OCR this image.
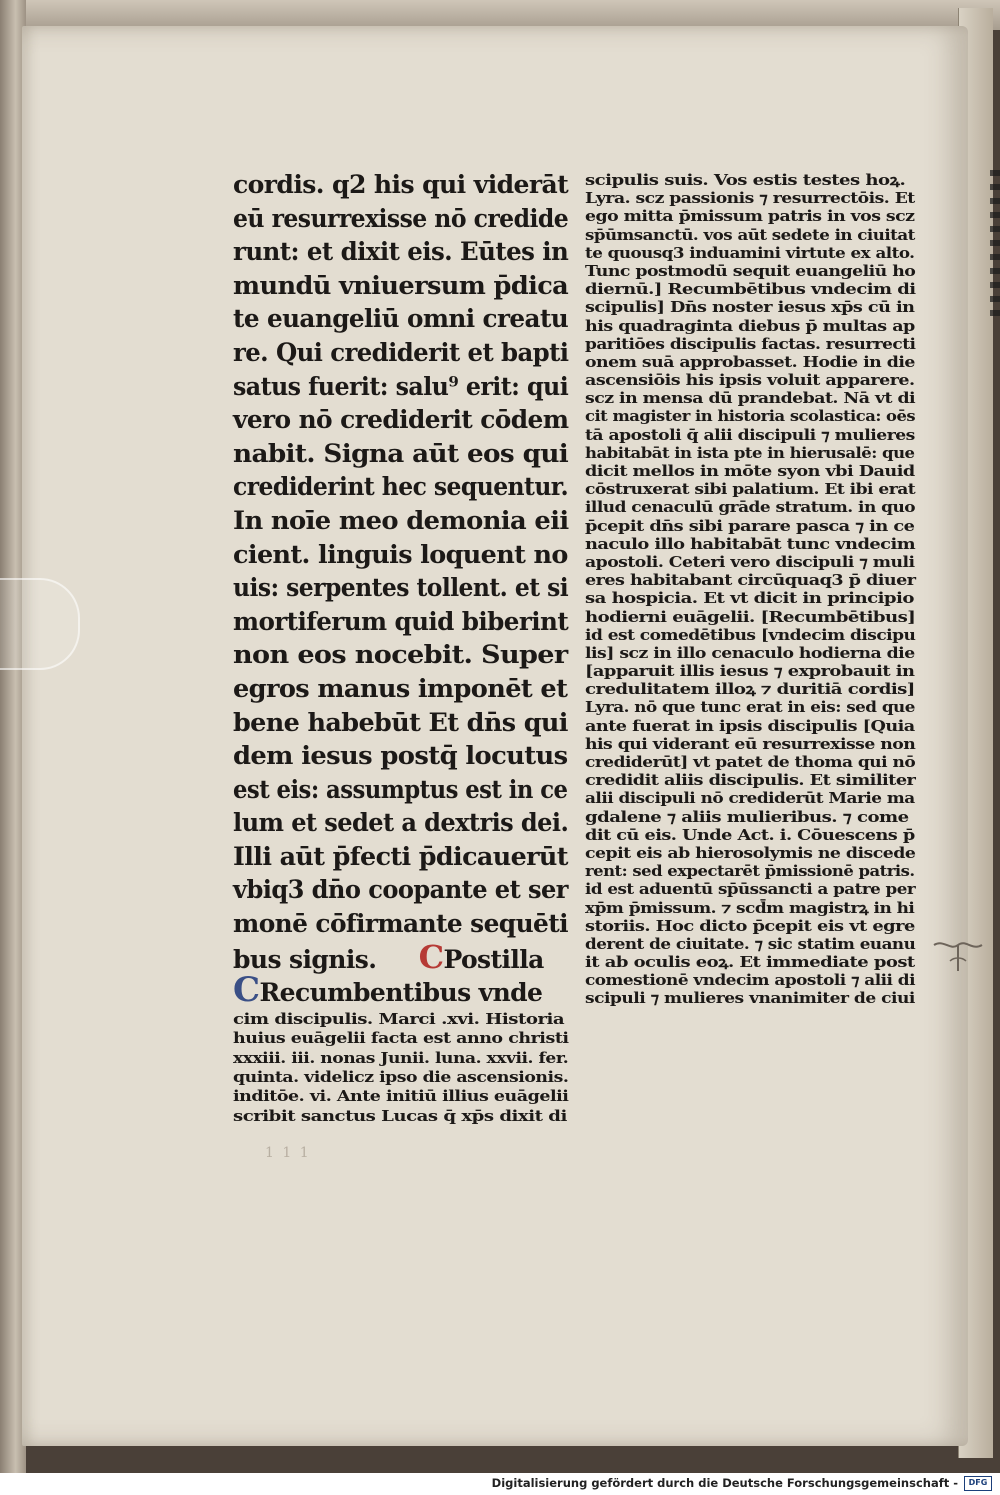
cordis. q2 his qui viderāt
eū resurrexisse nō credide
runt: et dixit eis. Eūtes in
mundū vniuersum p̄dica
te euangeliū omni creatu
re. Qui crediderit et bapti
satus fuerit: salu⁹ erit: qui
vero nō crediderit cōdem
nabit. Signa aūt eos qui
crediderint hec sequentur.
In noīe meo demonia eii
cient. linguis loquent no
uis: serpentes tollent. et si
mortiferum quid biberint
non eos nocebit. Super
egros manus imponēt et
bene habebūt Et dn̄s qui
dem iesus postq̄ locutus
est eis: assumptus est in ce
lum et sedet a dextris dei.
Illi aūt p̄fecti p̄dicauerūt
vbiq3 dn̄o coopante et ser
monē cōfirmante sequēti
bus signis. CPostilla
CRecumbentibus vnde
cim discipulis. Marci .xvi. Historia
huius euāgelii facta est anno christi
xxxiii. iii. nonas Junii. luna. xxvii. fer.
quinta. videlicz ipso die ascensionis.
inditōe. vi. Ante initiū illius euāgelii
scribit sanctus Lucas q̄ xp̄s dixit di
1 1 1
scipulis suis. Vos estis testes hoꝝ.
Lyra. scz passionis ⁊ resurrectōis. Et
ego mitta p̄missum patris in vos scz
sp̄ūmsanctū. vos aūt sedete in ciuitat
te quousq3 induamini virtute ex alto.
Tunc postmodū sequit euangeliū ho
diernū.] Recumbētibus vndecim di
scipulis] Dn̄s noster iesus xp̄s cū in
his quadraginta diebus p̄ multas ap
paritiōes discipulis factas. resurrecti
onem suā approbasset. Hodie in die
ascensiōis his ipsis voluit apparere.
scz in mensa dū prandebat. Nā vt di
cit magister in historia scolastica: oēs
tā apostoli q̄ alii discipuli ⁊ mulieres
habitabāt in ista pte in hierusalē: que
dicit mellos in mōte syon vbi Dauid
cōstruxerat sibi palatium. Et ibi erat
illud cenaculū grāde stratum. in quo
p̄cepit dn̄s sibi parare pasca ⁊ in ce
naculo illo habitabāt tunc vndecim
apostoli. Ceteri vero discipuli ⁊ muli
eres habitabant circūquaq3 p̄ diuer
sa hospicia. Et vt dicit in principio
hodierni euāgelii. [Recumbētibus]
id est comedētibus [vndecim discipu
lis] scz in illo cenaculo hodierna die
[apparuit illis iesus ⁊ exprobauit in
credulitatem illoꝝ ⁊ duritiā cordis]
Lyra. nō que tunc erat in eis: sed que
ante fuerat in ipsis discipulis [Quia
his qui viderant eū resurrexisse non
crediderūt] vt patet de thoma qui nō
credidit aliis discipulis. Et similiter
alii discipuli nō crediderūt Marie ma
gdalene ⁊ aliis mulieribus. ⁊ come
dit cū eis. Unde Act. i. Cōuescens p̄
cepit eis ab hierosolymis ne discede
rent: sed expectarēt p̄missionē patris.
id est aduentū sp̄ūssancti a patre per
xp̄m p̄missum. ⁊ scd̄m magistrꝝ in hi
storiis. Hoc dicto p̄cepit eis vt egre
derent de ciuitate. ⁊ sic statim euanu
it ab oculis eoꝝ. Et immediate post
comestionē vndecim apostoli ⁊ alii di
scipuli ⁊ mulieres vnanimiter de ciui
Digitalisierung gefördert durch die Deutsche Forschungsgemeinschaft -	DFG
